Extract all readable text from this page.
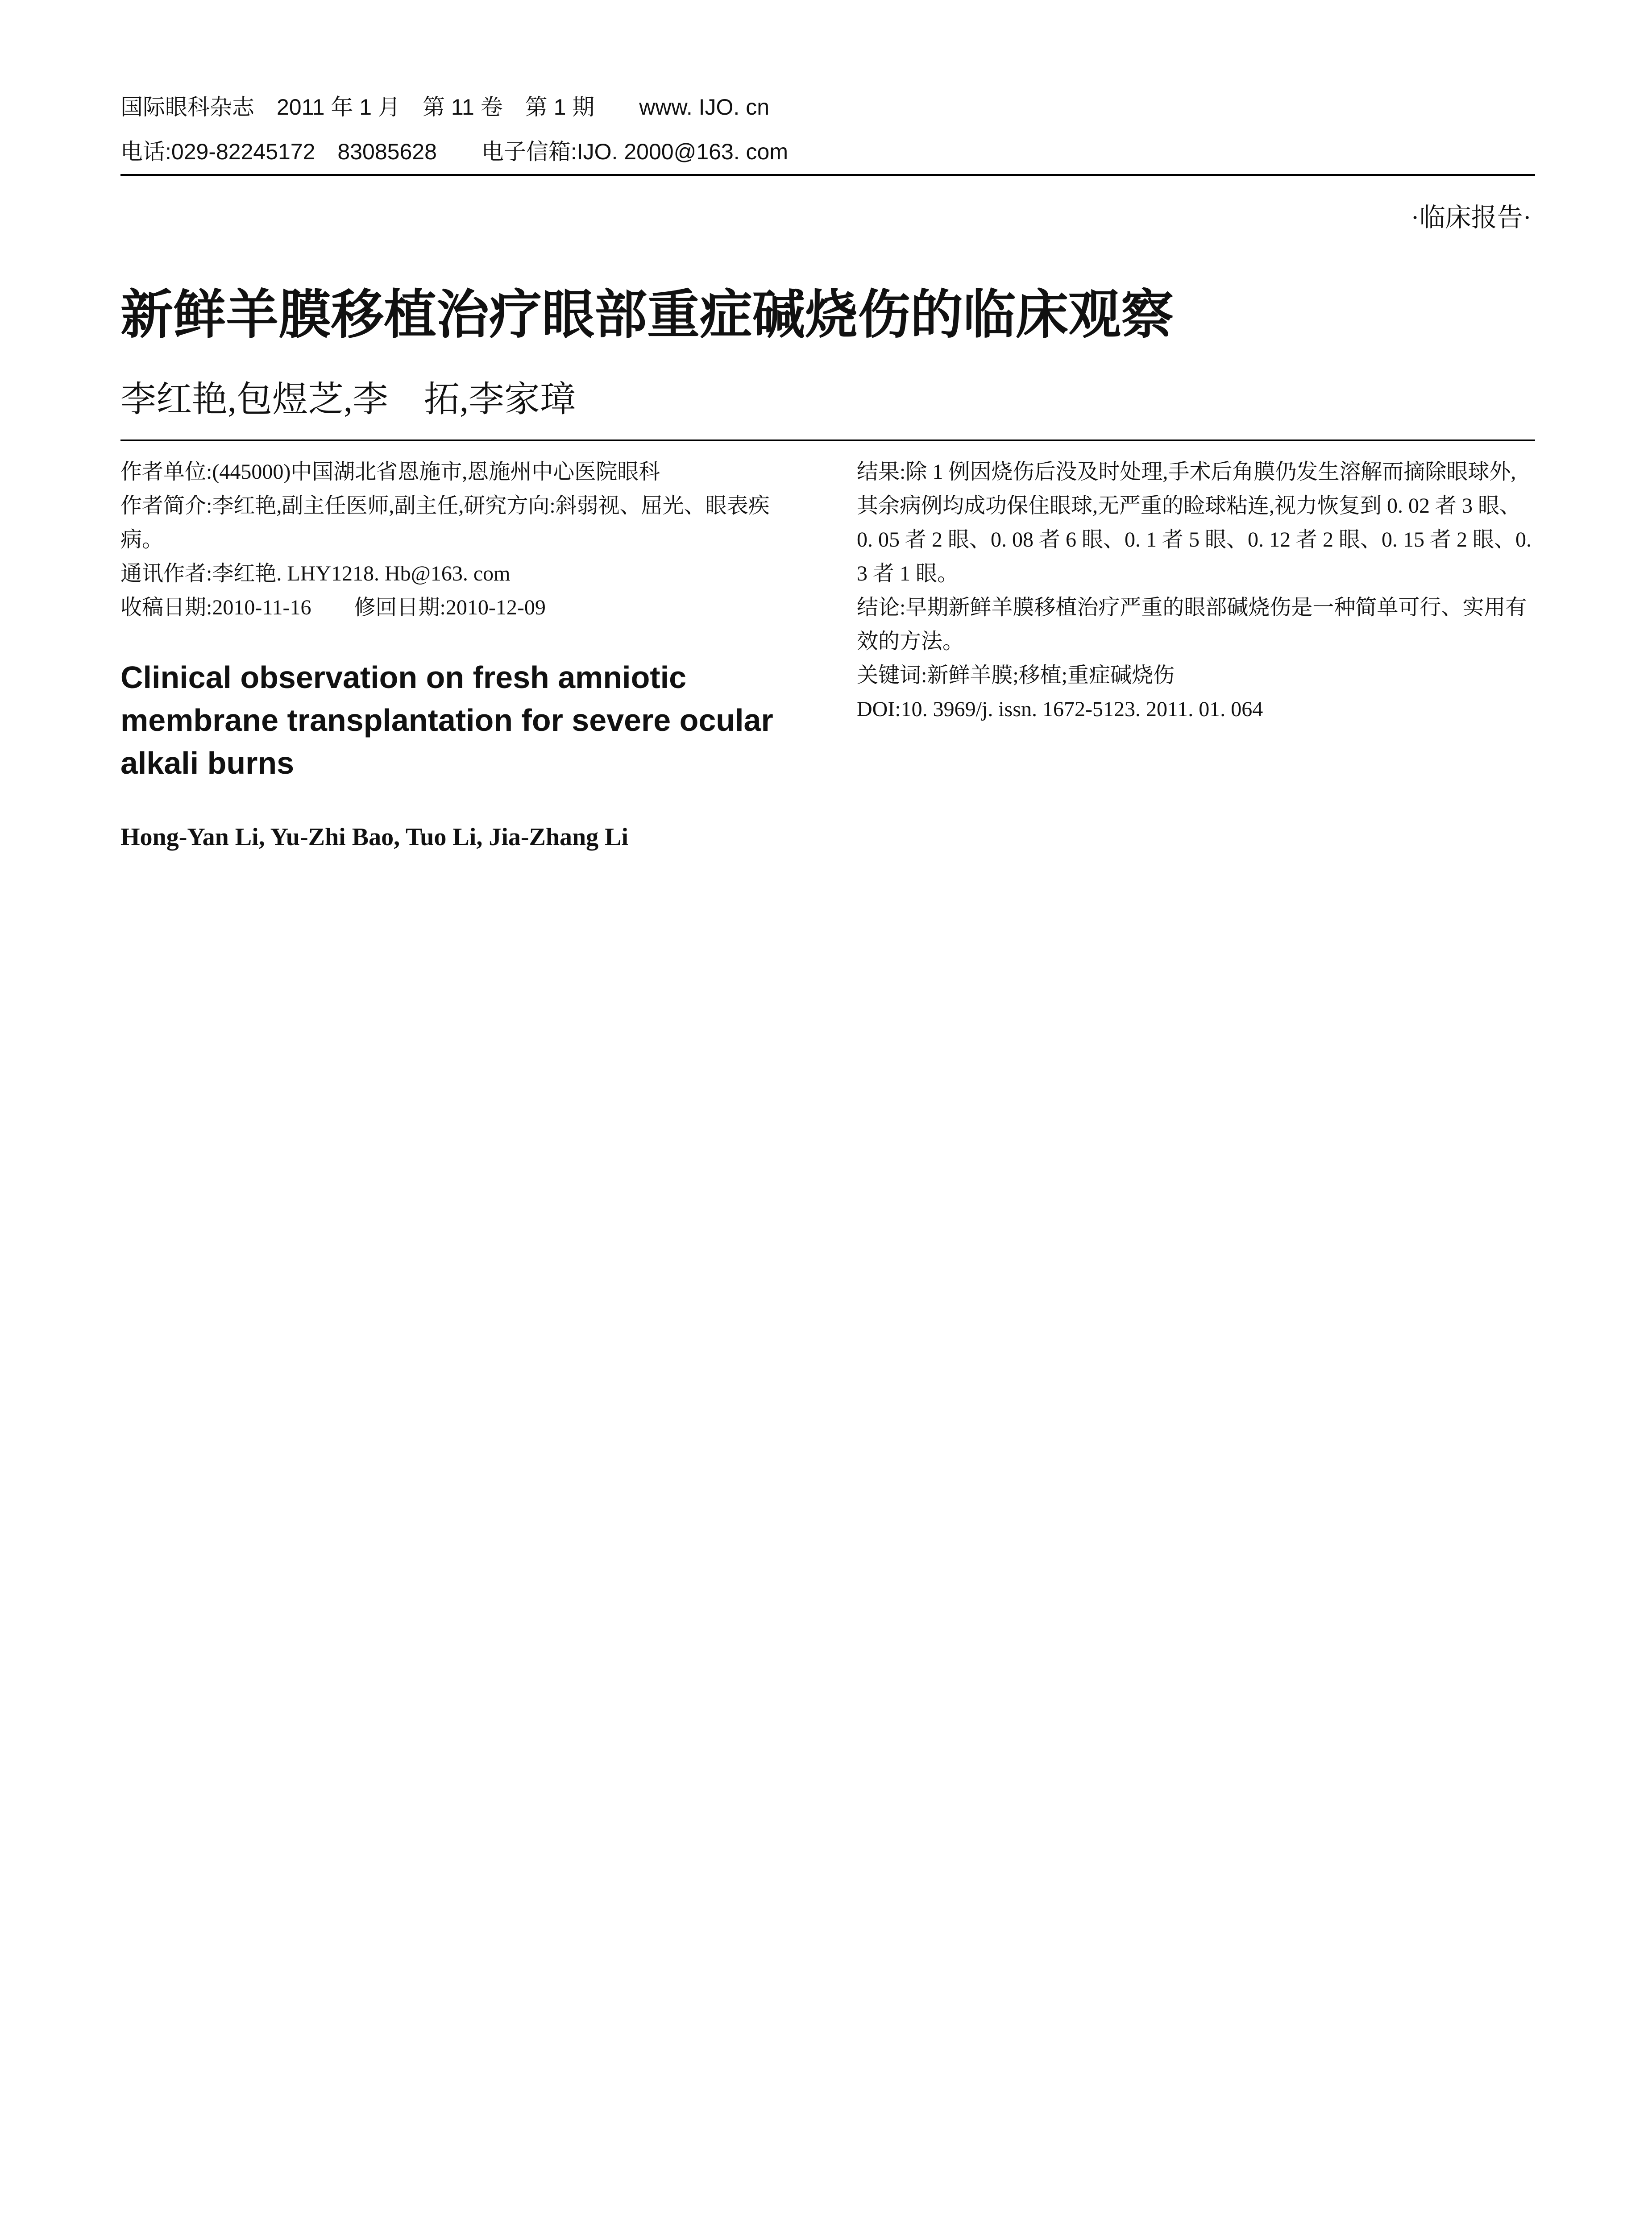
国际眼科杂志　2011 年 1 月　第 11 卷　第 1 期　　www. IJO. cn
电话:029-82245172　83085628　　电子信箱:IJO. 2000@163. com
·临床报告·
新鲜羊膜移植治疗眼部重症碱烧伤的临床观察
李红艳,包煜芝,李　拓,李家璋
作者单位:(445000)中国湖北省恩施市,恩施州中心医院眼科
作者简介:李红艳,副主任医师,副主任,研究方向:斜弱视、屈光、眼表疾病。
通讯作者:李红艳. LHY1218. Hb@163. com
收稿日期:2010-11-16　　修回日期:2010-12-09
Clinical observation on fresh amniotic membrane transplantation for severe ocular alkali burns
Hong-Yan Li, Yu-Zhi Bao, Tuo Li, Jia-Zhang Li
结果:除 1 例因烧伤后没及时处理,手术后角膜仍发生溶解而摘除眼球外,其余病例均成功保住眼球,无严重的睑球粘连,视力恢复到 0. 02 者 3 眼、0. 05 者 2 眼、0. 08 者 6 眼、0. 1 者 5 眼、0. 12 者 2 眼、0. 15 者 2 眼、0. 3 者 1 眼。
结论:早期新鲜羊膜移植治疗严重的眼部碱烧伤是一种简单可行、实用有效的方法。
关键词:新鲜羊膜;移植;重症碱烧伤
DOI:10. 3969/j. issn. 1672-5123. 2011. 01. 064
